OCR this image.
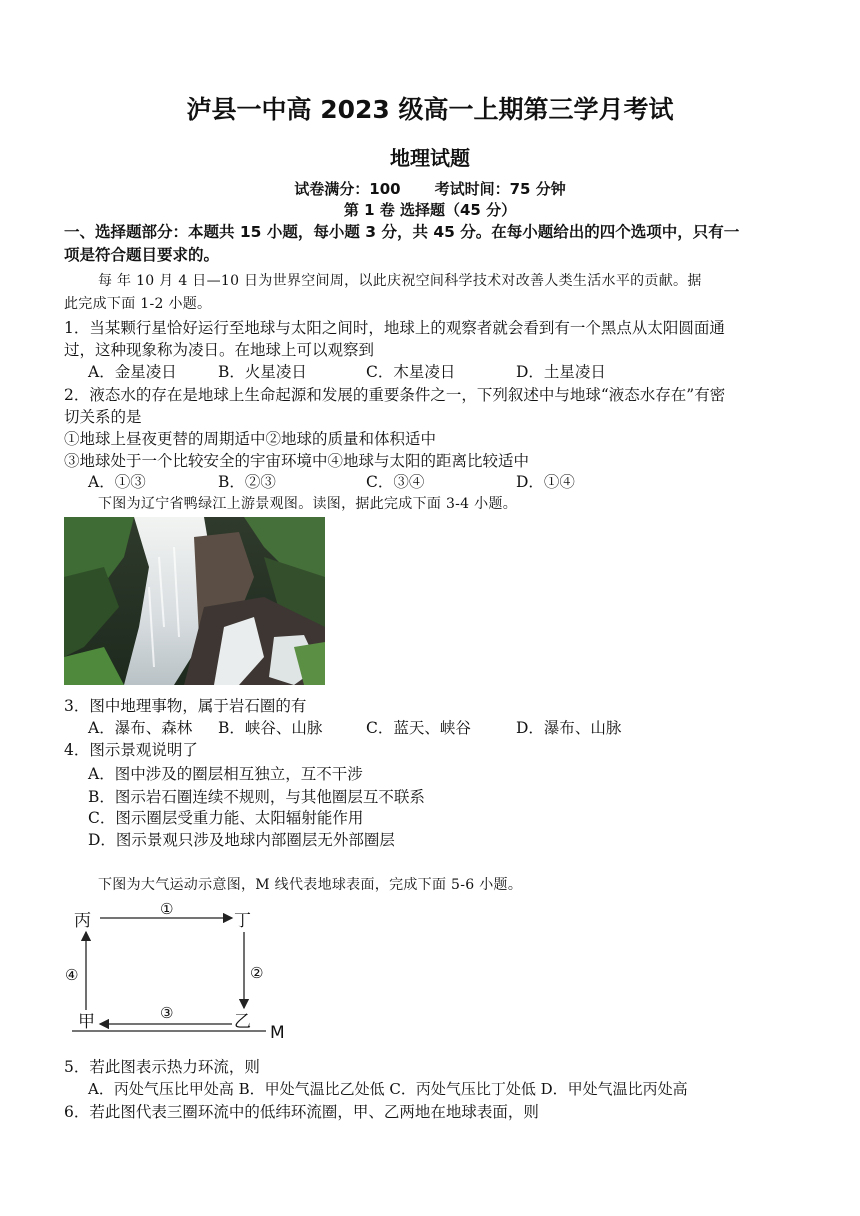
泸县一中高 2023 级高一上期第三学月考试
地理试题
试卷满分：100 考试时间：75 分钟
第 1 卷 选择题（45 分）
一、选择题部分：本题共 15 小题，每小题 3 分，共 45 分。在每小题给出的四个选项中，只有一
项是符合题目要求的。
每 年 10 月 4 日—10 日为世界空间周，以此庆祝空间科学技术对改善人类生活水平的贡献。据
此完成下面 1-2 小题。
1．当某颗行星恰好运行至地球与太阳之间时，地球上的观察者就会看到有一个黑点从太阳圆面通
过，这种现象称为凌日。在地球上可以观察到
A．金星凌日	B．火星凌日	C．木星凌日	D．土星凌日
2．液态水的存在是地球上生命起源和发展的重要条件之一，下列叙述中与地球“液态水存在”有密
切关系的是
①地球上昼夜更替的周期适中②地球的质量和体积适中
③地球处于一个比较安全的宇宙环境中④地球与太阳的距离比较适中
A．①③	B．②③	C．③④	D．①④
下图为辽宁省鸭绿江上游景观图。读图，据此完成下面 3-4 小题。
3．图中地理事物，属于岩石圈的有
A．瀑布、森林 B．峡谷、山脉	C．蓝天、峡谷	D．瀑布、山脉
4．图示景观说明了
A．图中涉及的圈层相互独立，互不干涉
B．图示岩石圈连续不规则，与其他圈层互不联系
C．图示圈层受重力能、太阳辐射能作用
D．图示景观只涉及地球内部圈层无外部圈层
下图为大气运动示意图，M 线代表地球表面，完成下面 5-6 小题。
丙	丁
甲	乙
M
①
②
③
④
5．若此图表示热力环流，则
A．丙处气压比甲处高 B．甲处气温比乙处低 C．丙处气压比丁处低 D．甲处气温比丙处高
6．若此图代表三圈环流中的低纬环流圈，甲、乙两地在地球表面，则
